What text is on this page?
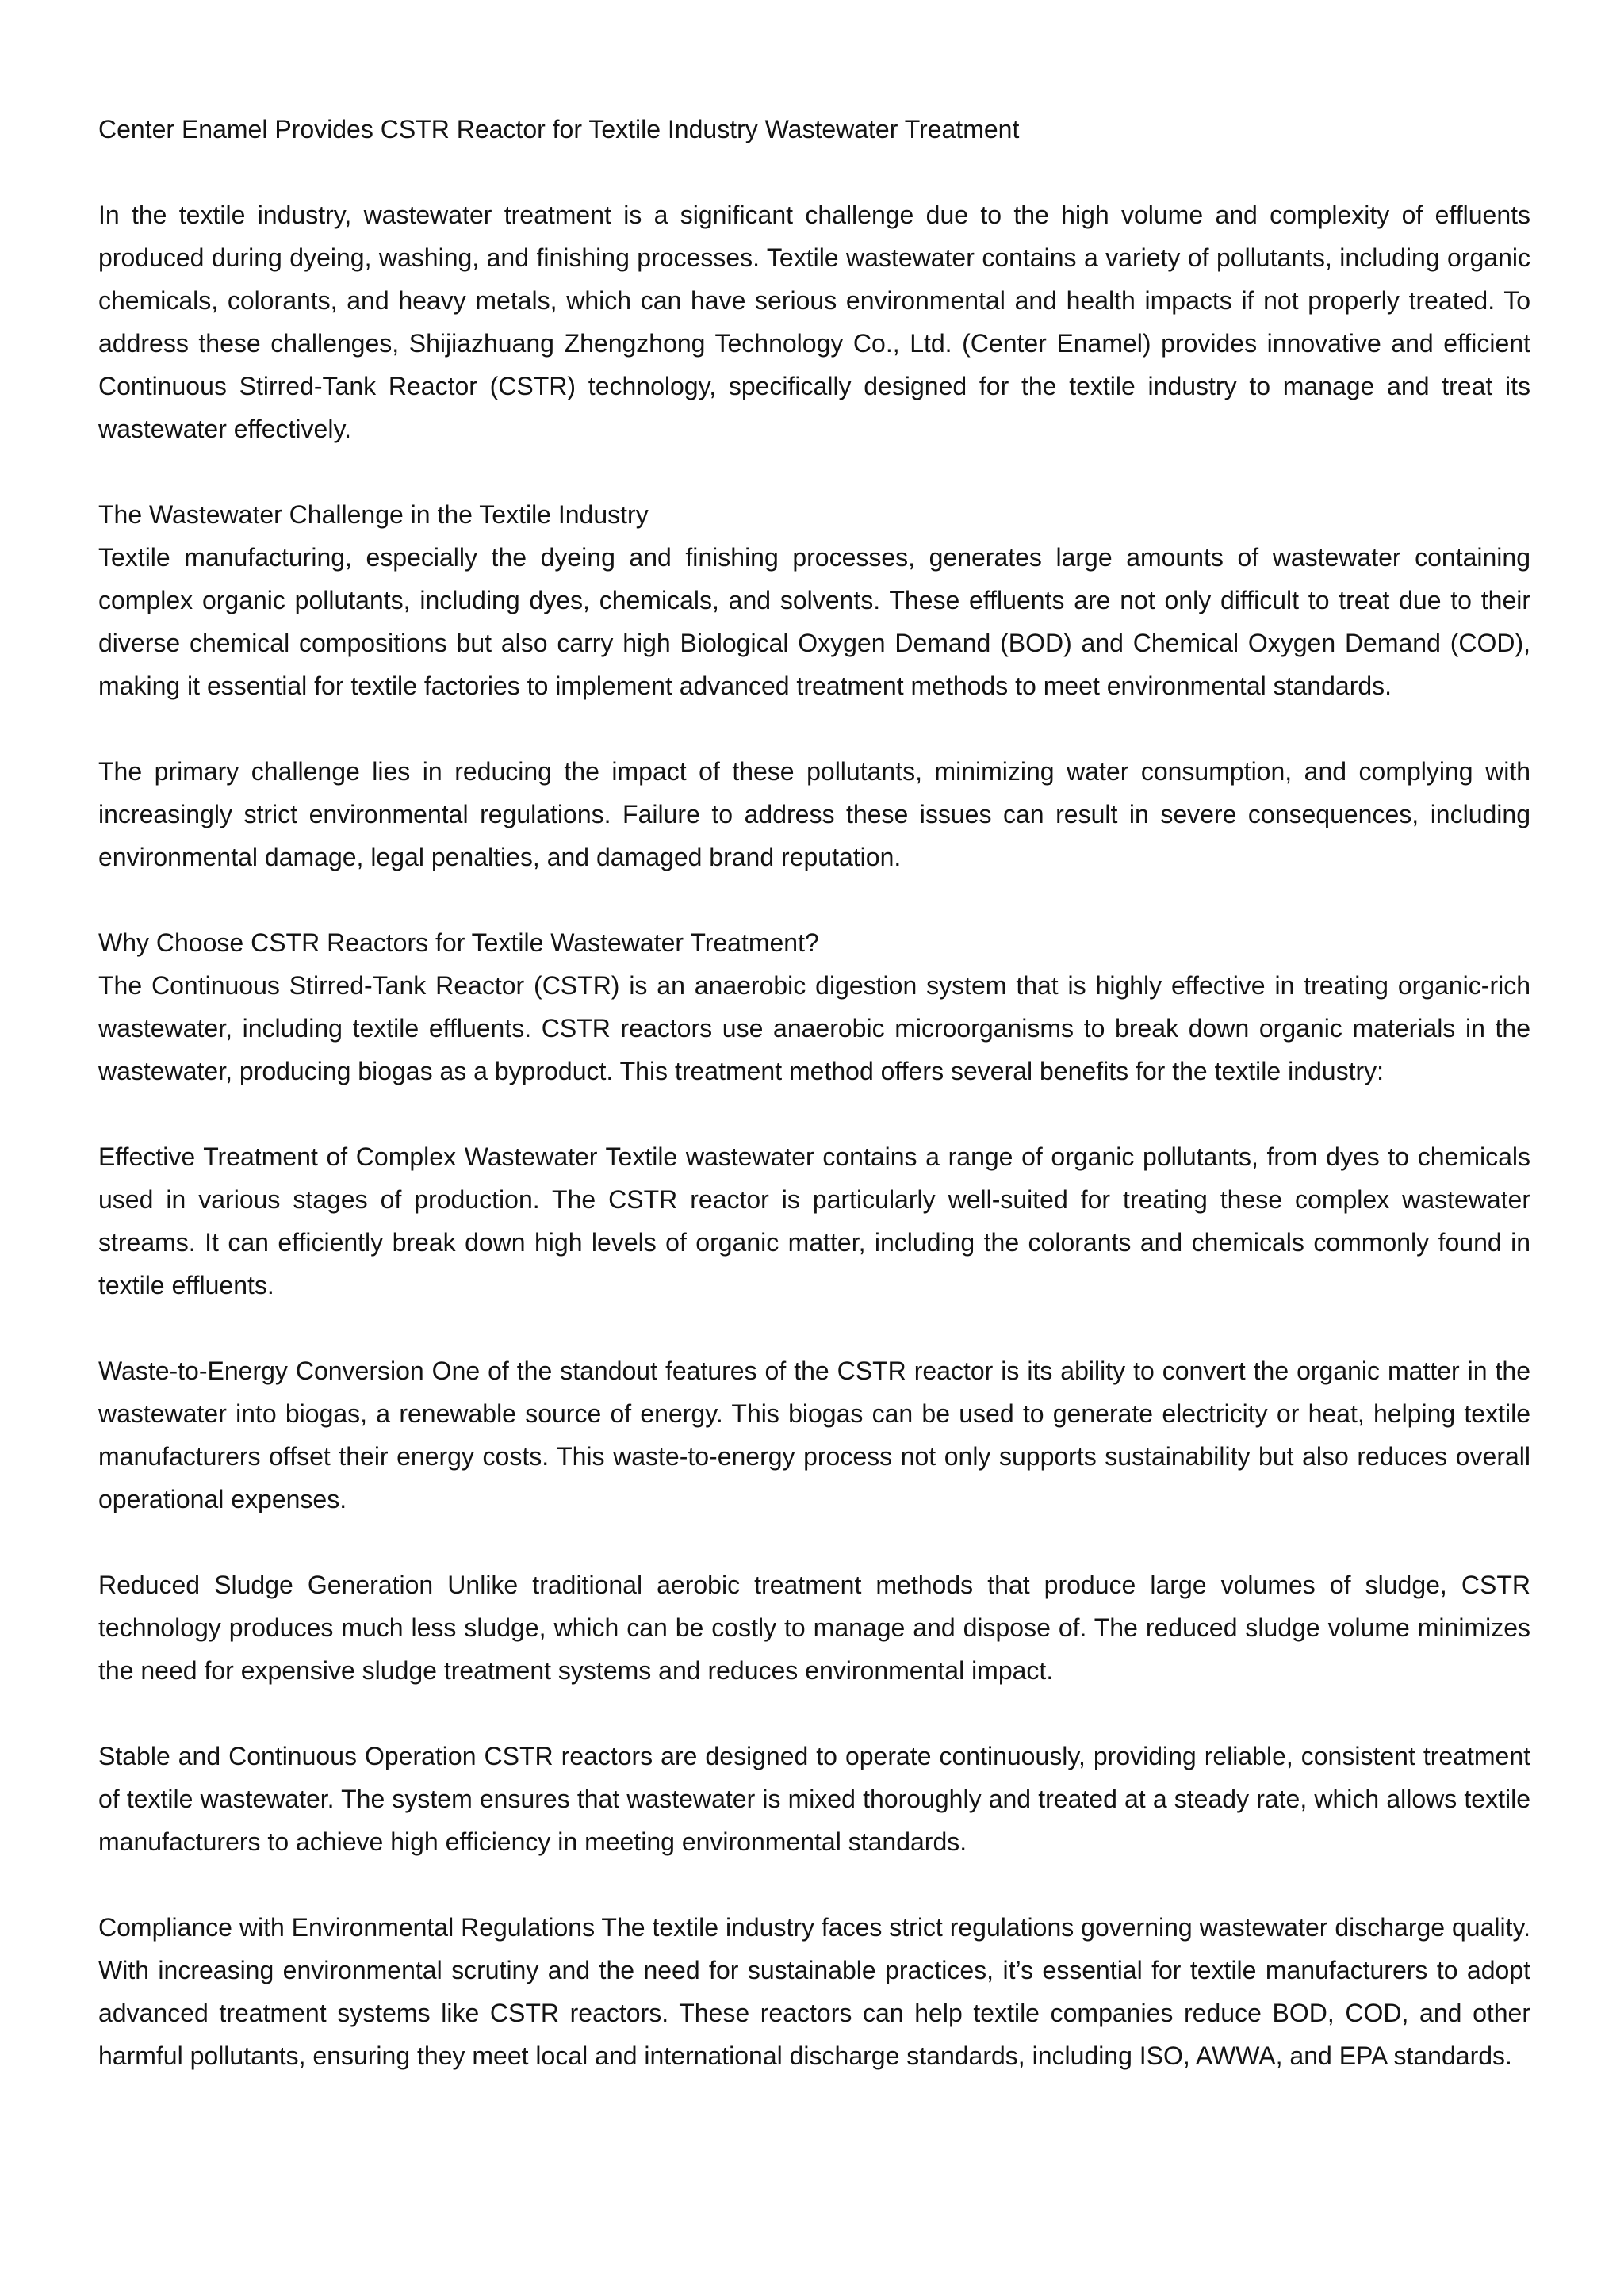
Center Enamel Provides CSTR Reactor for Textile Industry Wastewater Treatment

In the textile industry, wastewater treatment is a significant challenge due to the high volume and complexity of effluents produced during dyeing, washing, and finishing processes. Textile wastewater contains a variety of pollutants, including organic chemicals, colorants, and heavy metals, which can have serious environmental and health impacts if not properly treated. To address these challenges, Shijiazhuang Zhengzhong Technology Co., Ltd. (Center Enamel) provides innovative and efficient Continuous Stirred-Tank Reactor (CSTR) technology, specifically designed for the textile industry to manage and treat its wastewater effectively.

The Wastewater Challenge in the Textile Industry

Textile manufacturing, especially the dyeing and finishing processes, generates large amounts of wastewater containing complex organic pollutants, including dyes, chemicals, and solvents. These effluents are not only difficult to treat due to their diverse chemical compositions but also carry high Biological Oxygen Demand (BOD) and Chemical Oxygen Demand (COD), making it essential for textile factories to implement advanced treatment methods to meet environmental standards.

The primary challenge lies in reducing the impact of these pollutants, minimizing water consumption, and complying with increasingly strict environmental regulations. Failure to address these issues can result in severe consequences, including environmental damage, legal penalties, and damaged brand reputation.

Why Choose CSTR Reactors for Textile Wastewater Treatment?

The Continuous Stirred-Tank Reactor (CSTR) is an anaerobic digestion system that is highly effective in treating organic-rich wastewater, including textile effluents. CSTR reactors use anaerobic microorganisms to break down organic materials in the wastewater, producing biogas as a byproduct. This treatment method offers several benefits for the textile industry:

Effective Treatment of Complex Wastewater Textile wastewater contains a range of organic pollutants, from dyes to chemicals used in various stages of production. The CSTR reactor is particularly well-suited for treating these complex wastewater streams. It can efficiently break down high levels of organic matter, including the colorants and chemicals commonly found in textile effluents.

Waste-to-Energy Conversion One of the standout features of the CSTR reactor is its ability to convert the organic matter in the wastewater into biogas, a renewable source of energy. This biogas can be used to generate electricity or heat, helping textile manufacturers offset their energy costs. This waste-to-energy process not only supports sustainability but also reduces overall operational expenses.

Reduced Sludge Generation Unlike traditional aerobic treatment methods that produce large volumes of sludge, CSTR technology produces much less sludge, which can be costly to manage and dispose of. The reduced sludge volume minimizes the need for expensive sludge treatment systems and reduces environmental impact.

Stable and Continuous Operation CSTR reactors are designed to operate continuously, providing reliable, consistent treatment of textile wastewater. The system ensures that wastewater is mixed thoroughly and treated at a steady rate, which allows textile manufacturers to achieve high efficiency in meeting environmental standards.

Compliance with Environmental Regulations The textile industry faces strict regulations governing wastewater discharge quality. With increasing environmental scrutiny and the need for sustainable practices, it’s essential for textile manufacturers to adopt advanced treatment systems like CSTR reactors. These reactors can help textile companies reduce BOD, COD, and other harmful pollutants, ensuring they meet local and international discharge standards, including ISO, AWWA, and EPA standards.
